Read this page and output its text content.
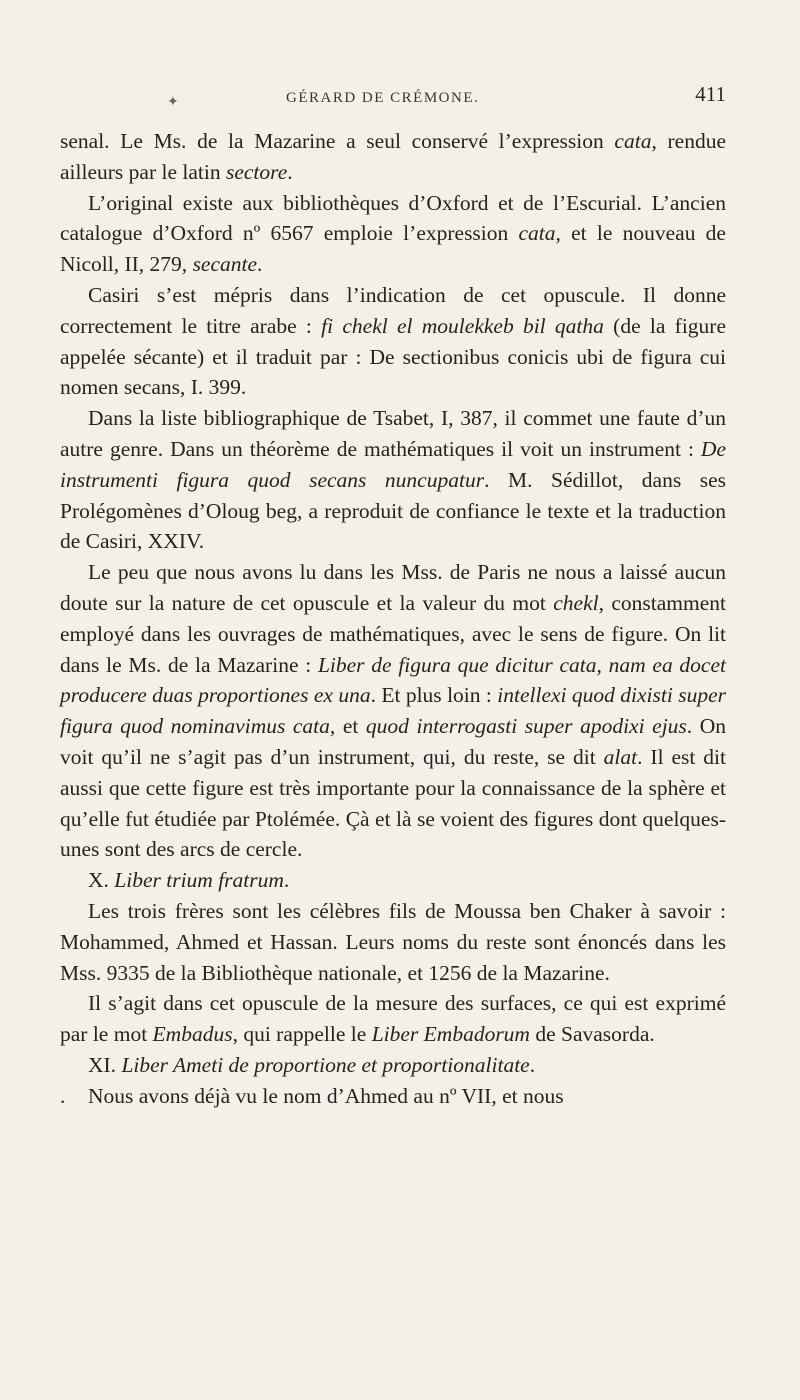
✦	GÉRARD DE CRÉMONE.	411

senal. Le Ms. de la Mazarine a seul conservé l’expression cata, rendue ailleurs par le latin sectore.

L’original existe aux bibliothèques d’Oxford et de l’Escurial. L’ancien catalogue d’Oxford nº 6567 emploie l’expression cata, et le nouveau de Nicoll, II, 279, secante.

Casiri s’est mépris dans l’indication de cet opuscule. Il donne correctement le titre arabe : fi chekl el moulekkeb bil qatha (de la figure appelée sécante) et il traduit par : De sectionibus conicis ubi de figura cui nomen secans, I. 399.

Dans la liste bibliographique de Tsabet, I, 387, il commet une faute d’un autre genre. Dans un théorème de mathématiques il voit un instrument : De instrumenti figura quod secans nuncupatur. M. Sédillot, dans ses Prolégomènes d’Oloug beg, a reproduit de confiance le texte et la traduction de Casiri, XXIV.

Le peu que nous avons lu dans les Mss. de Paris ne nous a laissé aucun doute sur la nature de cet opuscule et la valeur du mot chekl, constamment employé dans les ouvrages de mathématiques, avec le sens de figure. On lit dans le Ms. de la Mazarine : Liber de figura que dicitur cata, nam ea docet producere duas proportiones ex una. Et plus loin : intellexi quod dixisti super figura quod nominavimus cata, et quod interrogasti super apodixi ejus. On voit qu’il ne s’agit pas d’un instrument, qui, du reste, se dit alat. Il est dit aussi que cette figure est très importante pour la connaissance de la sphère et qu’elle fut étudiée par Ptolémée. Çà et là se voient des figures dont quelques-unes sont des arcs de cercle.

X. Liber trium fratrum.

Les trois frères sont les célèbres fils de Moussa ben Chaker à savoir : Mohammed, Ahmed et Hassan. Leurs noms du reste sont énoncés dans les Mss. 9335 de la Bibliothèque nationale, et 1256 de la Mazarine.

Il s’agit dans cet opuscule de la mesure des surfaces, ce qui est exprimé par le mot Embadus, qui rappelle le Liber Embadorum de Savasorda.

XI. Liber Ameti de proportione et proportionalitate.

. Nous avons déjà vu le nom d’Ahmed au nº VII, et nous
